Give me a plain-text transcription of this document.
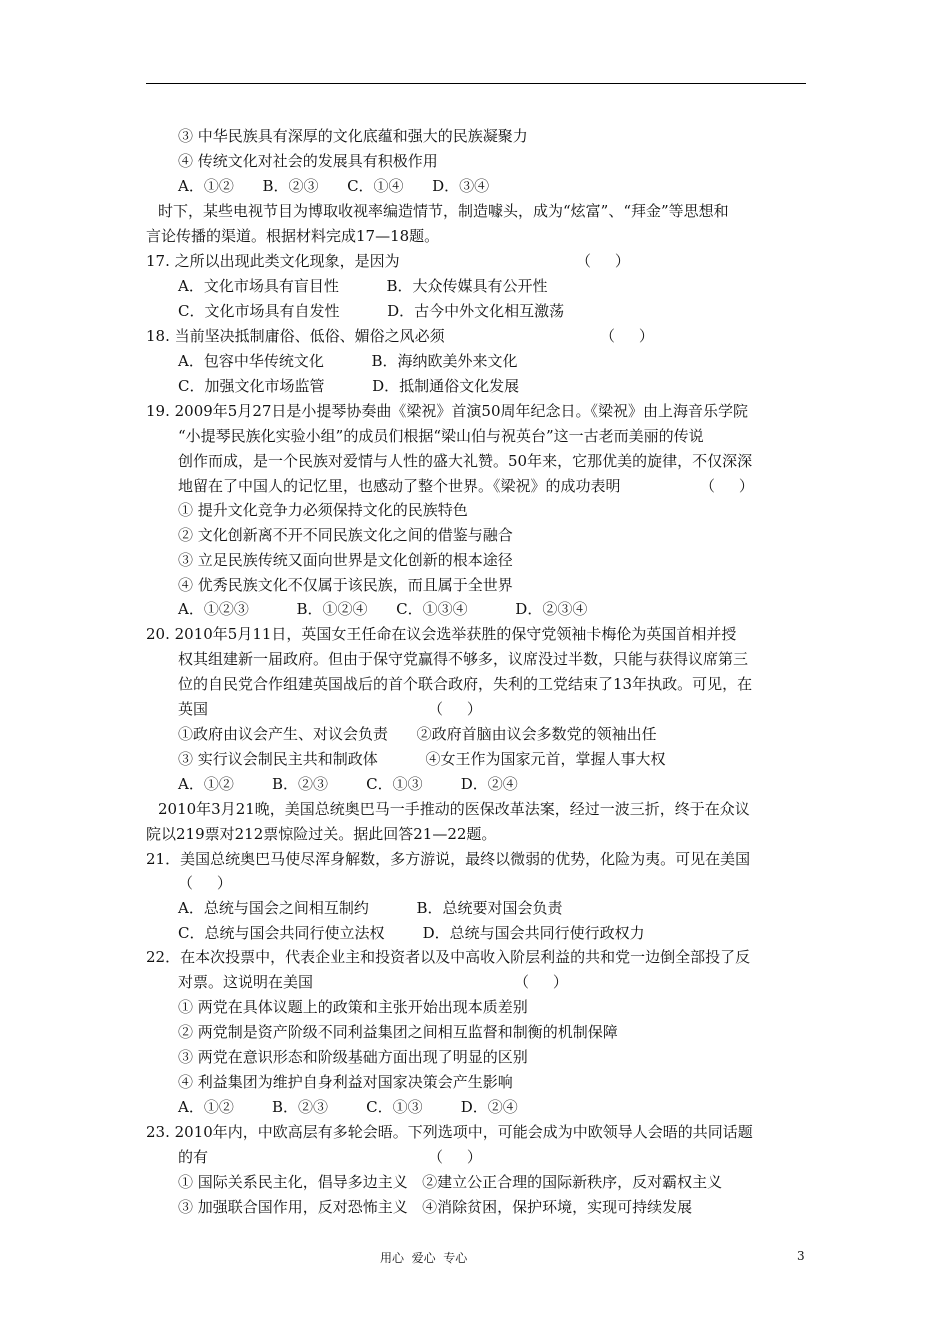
③ 中华民族具有深厚的文化底蕴和强大的民族凝聚力
④ 传统文化对社会的发展具有积极作用
A．①②      B．②③      C．①④      D．③④
时下，某些电视节目为博取收视率编造情节，制造噱头，成为“炫富”、“拜金”等思想和
言论传播的渠道。根据材料完成17—18题。
17. 之所以出现此类文化现象，是因为	（     ）
A．文化市场具有盲目性          B．大众传媒具有公开性
C．文化市场具有自发性          D．古今中外文化相互激荡
18. 当前坚决抵制庸俗、低俗、媚俗之风必须	（     ）
A．包容中华传统文化          B．海纳欧美外来文化
C．加强文化市场监管          D．抵制通俗文化发展
19. 2009年5月27日是小提琴协奏曲《梁祝》首演50周年纪念日。《梁祝》由上海音乐学院
“小提琴民族化实验小组”的成员们根据“梁山伯与祝英台”这一古老而美丽的传说
创作而成，是一个民族对爱情与人性的盛大礼赞。50年来，它那优美的旋律，不仅深深
地留在了中国人的记忆里，也感动了整个世界。《梁祝》的成功表明	（     ）
① 提升文化竞争力必须保持文化的民族特色
② 文化创新离不开不同民族文化之间的借鉴与融合
③ 立足民族传统又面向世界是文化创新的根本途径
④ 优秀民族文化不仅属于该民族，而且属于全世界
A．①②③          B．①②④      C．①③④          D．②③④
20. 2010年5月11日，英国女王任命在议会选举获胜的保守党领袖卡梅伦为英国首相并授
权其组建新一届政府。但由于保守党赢得不够多，议席没过半数，只能与获得议席第三
位的自民党合作组建英国战后的首个联合政府，失利的工党结束了13年执政。可见，在
英国	（     ）
①政府由议会产生、对议会负责      ②政府首脑由议会多数党的领袖出任
③ 实行议会制民主共和制政体          ④女王作为国家元首，掌握人事大权
A．①②        B．②③        C．①③        D．②④
2010年3月21晚，美国总统奥巴马一手推动的医保改革法案，经过一波三折，终于在众议
院以219票对212票惊险过关。据此回答21—22题。
21．美国总统奥巴马使尽浑身解数，多方游说，最终以微弱的优势，化险为夷。可见在美国
（     ）
A．总统与国会之间相互制约          B．总统要对国会负责
C．总统与国会共同行使立法权        D．总统与国会共同行使行政权力
22．在本次投票中，代表企业主和投资者以及中高收入阶层利益的共和党一边倒全部投了反
对票。这说明在美国	（     ）
① 两党在具体议题上的政策和主张开始出现本质差别
② 两党制是资产阶级不同利益集团之间相互监督和制衡的机制保障
③ 两党在意识形态和阶级基础方面出现了明显的区别
④ 利益集团为维护自身利益对国家决策会产生影响
A．①②        B．②③        C．①③        D．②④
23. 2010年内，中欧高层有多轮会晤。下列选项中，可能会成为中欧领导人会晤的共同话题
的有	（     ）
① 国际关系民主化，倡导多边主义   ②建立公正合理的国际新秩序，反对霸权主义
③ 加强联合国作用，反对恐怖主义   ④消除贫困，保护环境，实现可持续发展
用心  爱心  专心	3
